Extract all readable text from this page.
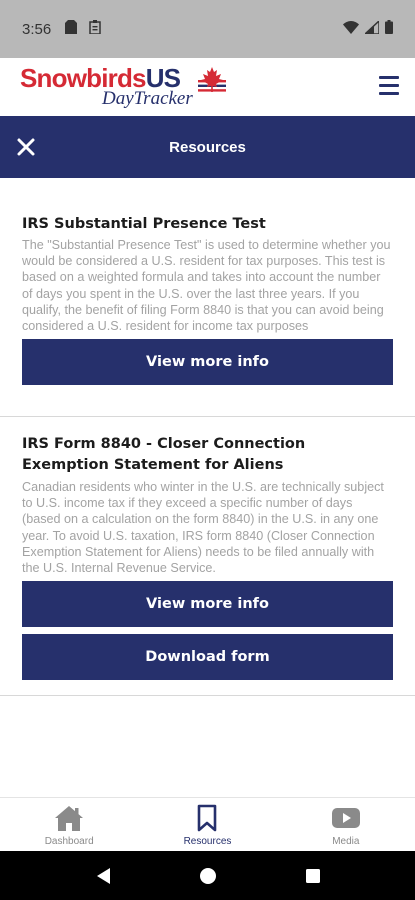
3:56
SnowbirdsUS
DayTracker
Resources
IRS Substantial Presence Test

The "Substantial Presence Test" is used to determine whether you would be considered a U.S. resident for tax purposes. This test is based on a weighted formula and takes into account the number of days you spent in the U.S. over the last three years. If you qualify, the benefit of filing Form 8840 is that you can avoid being considered a U.S. resident for income tax purposes

View more info
IRS Form 8840 - Closer Connection Exemption Statement for Aliens

Canadian residents who winter in the U.S. are technically subject to U.S. income tax if they exceed a specific number of days (based on a calculation on the form 8840) in the U.S. in any one year. To avoid U.S. taxation, IRS form 8840 (Closer Connection Exemption Statement for Aliens) needs to be filed annually with the U.S. Internal Revenue Service.

View more info
Download form
Dashboard	Resources	Media
